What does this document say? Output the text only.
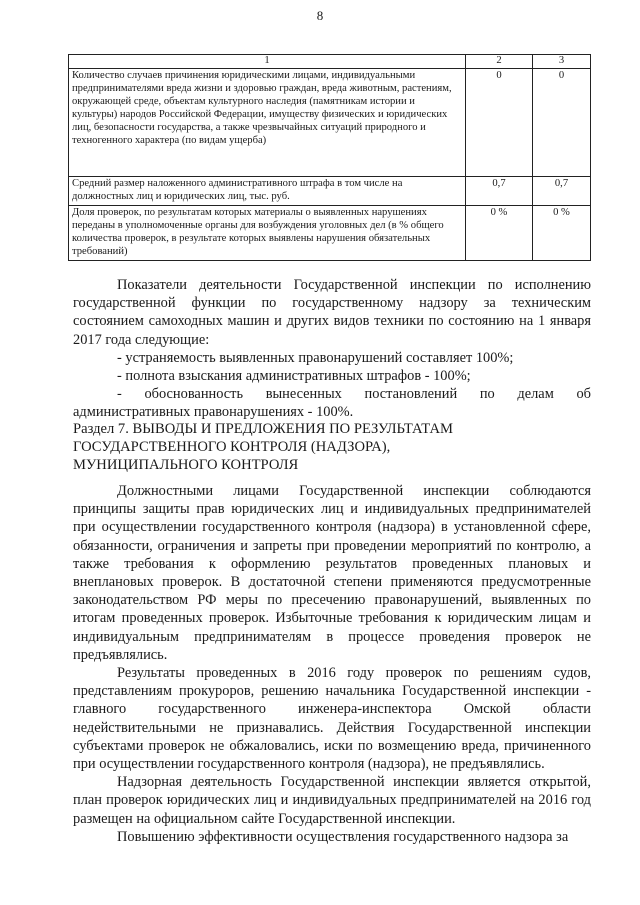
8
1	2	3
Количество случаев причинения юридическими лицами, индивидуальными предпринимателями вреда жизни и здоровью граждан, вреда животным, растениям, окружающей среде, объектам культурного наследия (памятникам истории и культуры) народов Российской Федерации, имуществу физических и юридических лиц, безопасности государства, а также чрезвычайных ситуаций природного и техногенного характера (по видам ущерба)	0	0
Средний размер наложенного административного штрафа в том числе на должностных лиц и юридических лиц, тыс. руб.	0,7	0,7
Доля проверок, по результатам которых материалы о выявленных нарушениях переданы в уполномоченные органы для возбуждения уголовных дел (в % общего количества проверок, в результате которых выявлены нарушения обязательных требований)	0 %	0 %

Показатели деятельности Государственной инспекции по исполнению государственной функции по государственному надзору за техническим состоянием самоходных машин и других видов техники по состоянию на 1 января 2017 года следующие:

- устраняемость выявленных правонарушений составляет 100%;

- полнота взыскания административных штрафов - 100%;

- обоснованность вынесенных постановлений по делам об

административных правонарушениях - 100%.

Раздел 7. ВЫВОДЫ И ПРЕДЛОЖЕНИЯ ПО РЕЗУЛЬТАТАМ

ГОСУДАРСТВЕННОГО КОНТРОЛЯ (НАДЗОРА),

МУНИЦИПАЛЬНОГО КОНТРОЛЯ

Должностными лицами Государственной инспекции соблюдаются принципы защиты прав юридических лиц и индивидуальных предпринимателей при осуществлении государственного контроля (надзора) в установленной сфере, обязанности, ограничения и запреты при проведении мероприятий по контролю, а также требования к оформлению результатов проведенных плановых и внеплановых проверок. В достаточной степени применяются предусмотренные законодательством РФ меры по пресечению правонарушений, выявленных по итогам проведенных проверок. Избыточные требования к юридическим лицам и индивидуальным предпринимателям в процессе проведения проверок не предъявлялись.

Результаты проведенных в 2016 году проверок по решениям судов, представлениям прокуроров, решению начальника Государственной инспекции - главного государственного инженера-инспектора Омской области недействительными не признавались. Действия Государственной инспекции субъектами проверок не обжаловались, иски по возмещению вреда, причиненного при осуществлении государственного контроля (надзора), не предъявлялись.

Надзорная деятельность Государственной инспекции является открытой, план проверок юридических лиц и индивидуальных предпринимателей на 2016 год размещен на официальном сайте Государственной инспекции.

Повышению эффективности осуществления государственного надзора за
